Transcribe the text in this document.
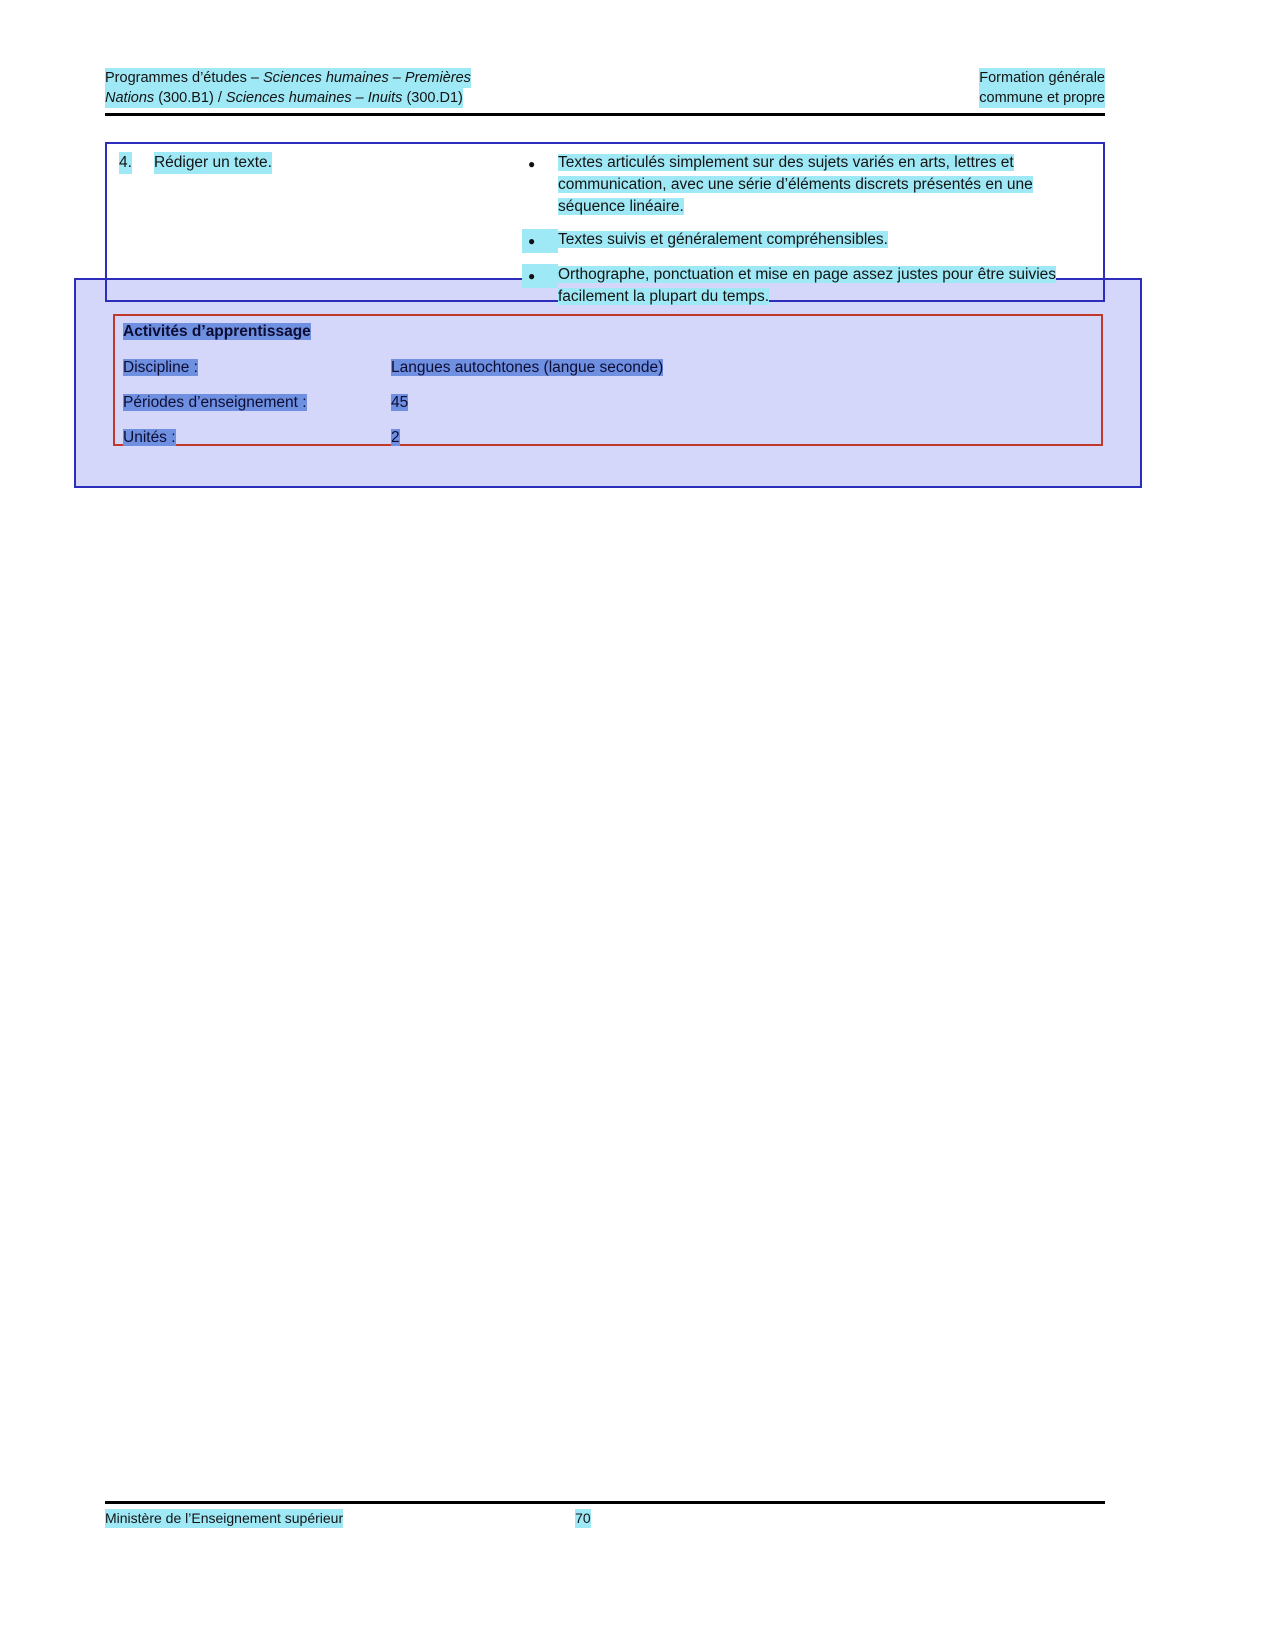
Programmes d’études – Sciences humaines – Premières	Formation générale
Nations (300.B1) / Sciences humaines – Inuits (300.D1)	commune et propre
4. Rédiger un texte.	●	Textes articulés simplement sur des sujets variés en arts, lettres et communication, avec une série d’éléments discrets présentés en une séquence linéaire.
●	Textes suivis et généralement compréhensibles.
●	Orthographe, ponctuation et mise en page assez justes pour être suivies facilement la plupart du temps.
Activités d’apprentissage
Discipline :	Langues autochtones (langue seconde)
Périodes d’enseignement :	45
Unités :	2
Ministère de l’Enseignement supérieur	70
